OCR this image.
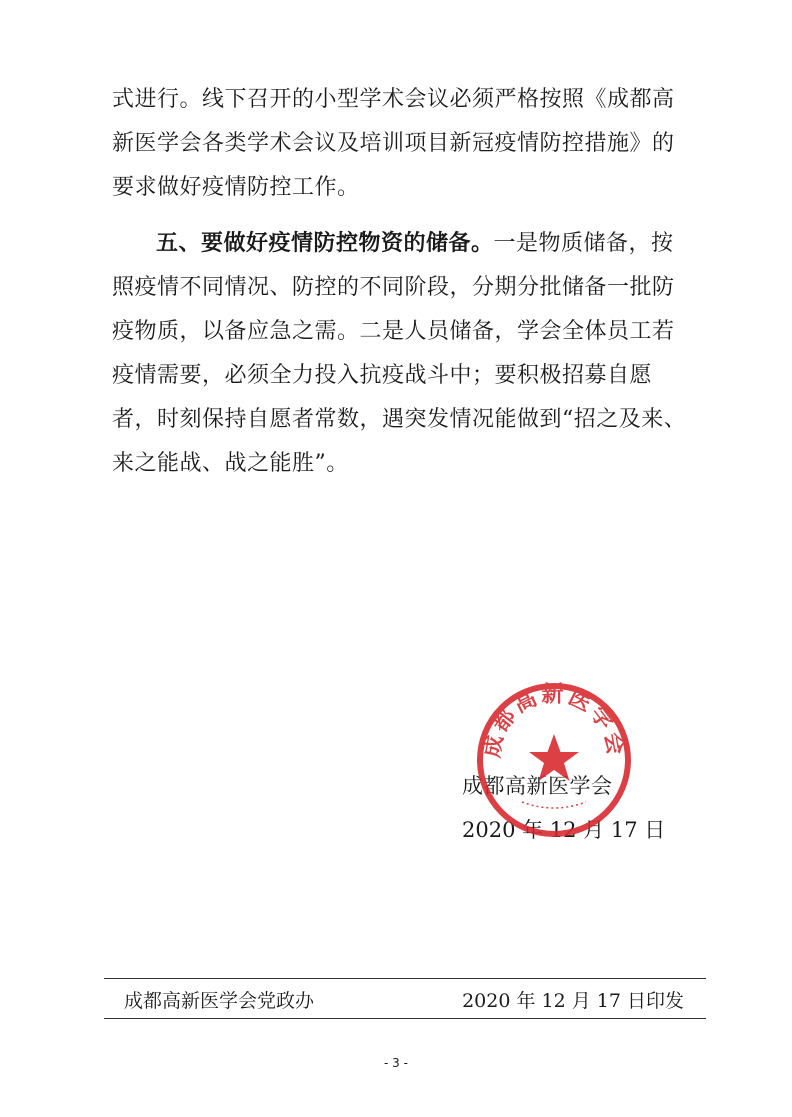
式进行。线下召开的小型学术会议必须严格按照《成都高新医学会各类学术会议及培训项目新冠疫情防控措施》的要求做好疫情防控工作。

五、要做好疫情防控物资的储备。一是物质储备，按照疫情不同情况、防控的不同阶段，分期分批储备一批防疫物质，以备应急之需。二是人员储备，学会全体员工若疫情需要，必须全力投入抗疫战斗中；要积极招募自愿者，时刻保持自愿者常数，遇突发情况能做到“招之及来、来之能战、战之能胜”。

成都高新医学会
2020 年 12 月 17 日
成都高新医学会
成都高新医学会党政办	2020 年 12 月 17 日印发
- 3 -
